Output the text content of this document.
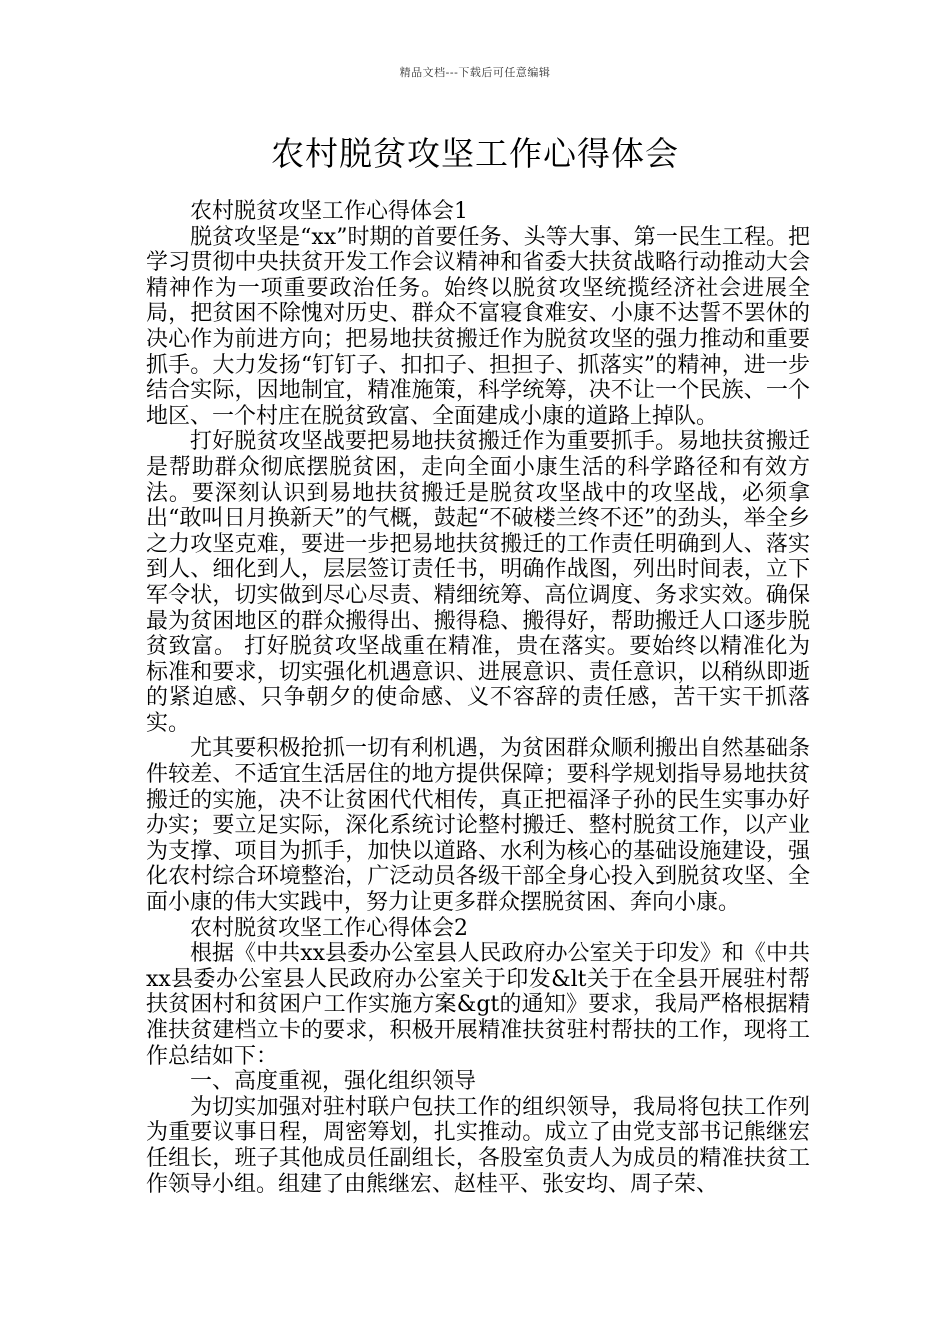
精品文档---下载后可任意编辑
农村脱贫攻坚工作心得体会

农村脱贫攻坚工作心得体会1

脱贫攻坚是“xx”时期的首要任务、头等大事、第一民生工程。把学习贯彻中央扶贫开发工作会议精神和省委大扶贫战略行动推动大会精神作为一项重要政治任务。始终以脱贫攻坚统揽经济社会进展全局，把贫困不除愧对历史、群众不富寝食难安、小康不达誓不罢休的决心作为前进方向；把易地扶贫搬迁作为脱贫攻坚的强力推动和重要抓手。大力发扬“钉钉子、扣扣子、担担子、抓落实”的精神，进一步结合实际，因地制宜，精准施策，科学统筹，决不让一个民族、一个地区、一个村庄在脱贫致富、全面建成小康的道路上掉队。

打好脱贫攻坚战要把易地扶贫搬迁作为重要抓手。易地扶贫搬迁是帮助群众彻底摆脱贫困，走向全面小康生活的科学路径和有效方法。要深刻认识到易地扶贫搬迁是脱贫攻坚战中的攻坚战，必须拿出“敢叫日月换新天”的气概，鼓起“不破楼兰终不还”的劲头，举全乡之力攻坚克难，要进一步把易地扶贫搬迁的工作责任明确到人、落实到人、细化到人，层层签订责任书，明确作战图，列出时间表，立下军令状，切实做到尽心尽责、精细统筹、高位调度、务求实效。确保最为贫困地区的群众搬得出、搬得稳、搬得好，帮助搬迁人口逐步脱贫致富。 打好脱贫攻坚战重在精准，贵在落实。要始终以精准化为标准和要求，切实强化机遇意识、进展意识、责任意识，以稍纵即逝的紧迫感、只争朝夕的使命感、义不容辞的责任感，苦干实干抓落实。

尤其要积极抢抓一切有利机遇，为贫困群众顺利搬出自然基础条件较差、不适宜生活居住的地方提供保障；要科学规划指导易地扶贫搬迁的实施，决不让贫困代代相传，真正把福泽子孙的民生实事办好办实；要立足实际，深化系统讨论整村搬迁、整村脱贫工作，以产业为支撑、项目为抓手，加快以道路、水利为核心的基础设施建设，强化农村综合环境整治，广泛动员各级干部全身心投入到脱贫攻坚、全面小康的伟大实践中，努力让更多群众摆脱贫困、奔向小康。

农村脱贫攻坚工作心得体会2

根据《中共xx县委办公室县人民政府办公室关于印发》和《中共xx县委办公室县人民政府办公室关于印发&lt关于在全县开展驻村帮扶贫困村和贫困户工作实施方案&gt的通知》要求，我局严格根据精准扶贫建档立卡的要求，积极开展精准扶贫驻村帮扶的工作，现将工作总结如下：

一、高度重视，强化组织领导

为切实加强对驻村联户包扶工作的组织领导，我局将包扶工作列为重要议事日程，周密筹划，扎实推动。成立了由党支部书记熊继宏任组长，班子其他成员任副组长，各股室负责人为成员的精准扶贫工作领导小组。组建了由熊继宏、赵桂平、张安均、周子荣、
